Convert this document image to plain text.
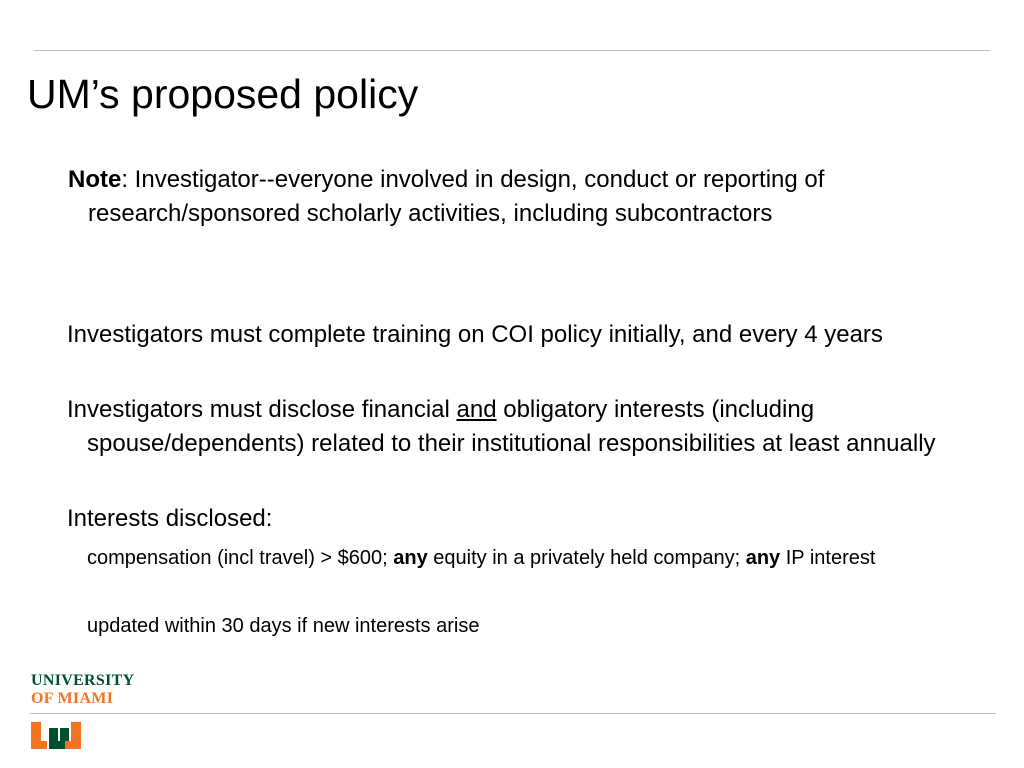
UM’s proposed policy

Note: Investigator--everyone involved in design, conduct or reporting of research/sponsored scholarly activities, including subcontractors

Investigators must complete training on COI policy initially, and every 4 years

Investigators must disclose financial and obligatory interests (including spouse/dependents) related to their institutional responsibilities at least annually

Interests disclosed:

compensation (incl travel) > $600; any equity in a privately held company; any IP interest

updated within 30 days if new interests arise

UNIVERSITY
OF MIAMI
